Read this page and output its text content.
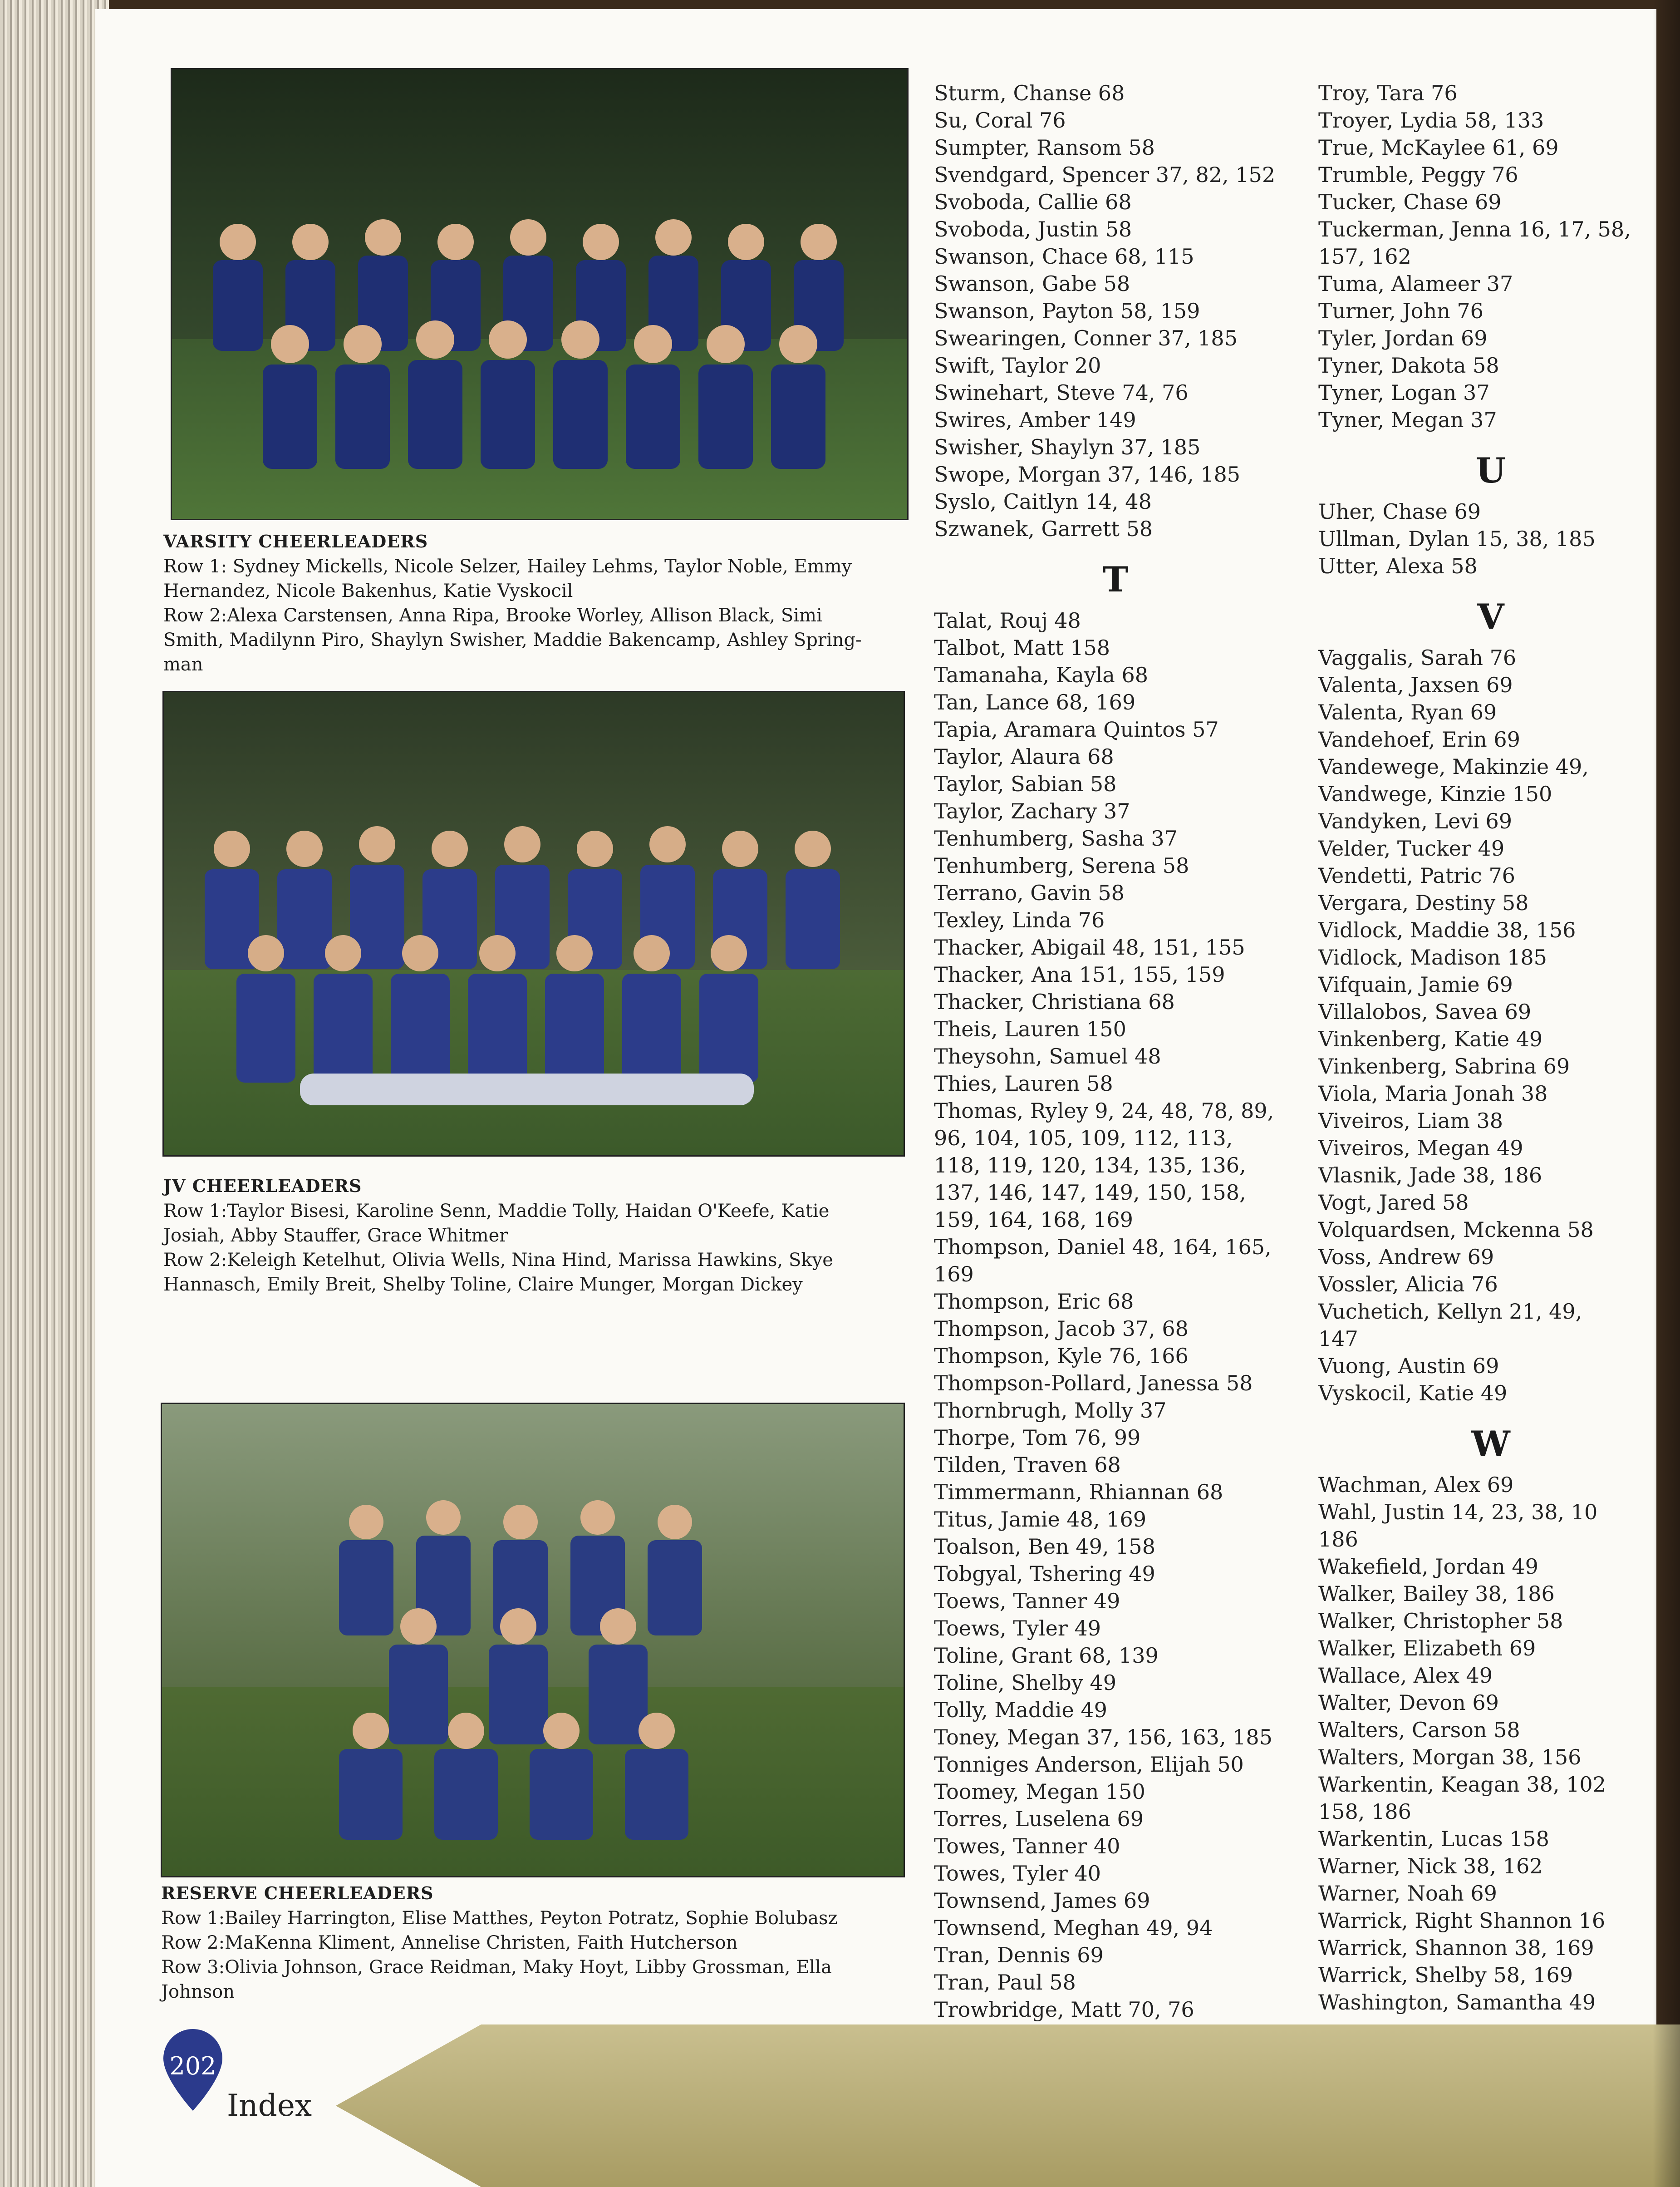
VARSITY CHEERLEADERS
Row 1: Sydney Mickells, Nicole Selzer, Hailey Lehms, Taylor Noble, Emmy
Hernandez, Nicole Bakenhus, Katie Vyskocil
Row 2:Alexa Carstensen, Anna Ripa, Brooke Worley, Allison Black, Simi
Smith, Madilynn Piro, Shaylyn Swisher, Maddie Bakencamp, Ashley Spring-
man
JV CHEERLEADERS
Row 1:Taylor Bisesi, Karoline Senn, Maddie Tolly, Haidan O'Keefe, Katie
Josiah, Abby Stauffer, Grace Whitmer
Row 2:Keleigh Ketelhut, Olivia Wells, Nina Hind, Marissa Hawkins, Skye
Hannasch, Emily Breit, Shelby Toline, Claire Munger, Morgan Dickey
RESERVE CHEERLEADERS
Row 1:Bailey Harrington, Elise Matthes, Peyton Potratz, Sophie Bolubasz
Row 2:MaKenna Kliment, Annelise Christen, Faith Hutcherson
Row 3:Olivia Johnson, Grace Reidman, Maky Hoyt, Libby Grossman, Ella
Johnson
Sturm, Chanse 68
Su, Coral 76
Sumpter, Ransom 58
Svendgard, Spencer 37, 82, 152
Svoboda, Callie 68
Svoboda, Justin 58
Swanson, Chace 68, 115
Swanson, Gabe 58
Swanson, Payton 58, 159
Swearingen, Conner 37, 185
Swift, Taylor 20
Swinehart, Steve 74, 76
Swires, Amber 149
Swisher, Shaylyn 37, 185
Swope, Morgan 37, 146, 185
Syslo, Caitlyn 14, 48
Szwanek, Garrett 58
T
Talat, Rouj 48
Talbot, Matt 158
Tamanaha, Kayla 68
Tan, Lance 68, 169
Tapia, Aramara Quintos 57
Taylor, Alaura 68
Taylor, Sabian 58
Taylor, Zachary 37
Tenhumberg, Sasha 37
Tenhumberg, Serena 58
Terrano, Gavin 58
Texley, Linda 76
Thacker, Abigail 48, 151, 155
Thacker, Ana 151, 155, 159
Thacker, Christiana 68
Theis, Lauren 150
Theysohn, Samuel 48
Thies, Lauren 58
Thomas, Ryley 9, 24, 48, 78, 89,
96, 104, 105, 109, 112, 113,
118, 119, 120, 134, 135, 136,
137, 146, 147, 149, 150, 158,
159, 164, 168, 169
Thompson, Daniel 48, 164, 165,
169
Thompson, Eric 68
Thompson, Jacob 37, 68
Thompson, Kyle 76, 166
Thompson-Pollard, Janessa 58
Thornbrugh, Molly 37
Thorpe, Tom 76, 99
Tilden, Traven 68
Timmermann, Rhiannan 68
Titus, Jamie 48, 169
Toalson, Ben 49, 158
Tobgyal, Tshering 49
Toews, Tanner 49
Toews, Tyler 49
Toline, Grant 68, 139
Toline, Shelby 49
Tolly, Maddie 49
Toney, Megan 37, 156, 163, 185
Tonniges Anderson, Elijah 50
Toomey, Megan 150
Torres, Luselena 69
Towes, Tanner 40
Towes, Tyler 40
Townsend, James 69
Townsend, Meghan 49, 94
Tran, Dennis 69
Tran, Paul 58
Trowbridge, Matt 70, 76
Troy, Tara 76
Troyer, Lydia 58, 133
True, McKaylee 61, 69
Trumble, Peggy 76
Tucker, Chase 69
Tuckerman, Jenna 16, 17, 58,
157, 162
Tuma, Alameer 37
Turner, John 76
Tyler, Jordan 69
Tyner, Dakota 58
Tyner, Logan 37
Tyner, Megan 37
U
Uher, Chase 69
Ullman, Dylan 15, 38, 185
Utter, Alexa 58
V
Vaggalis, Sarah 76
Valenta, Jaxsen 69
Valenta, Ryan 69
Vandehoef, Erin 69
Vandewege, Makinzie 49,
Vandwege, Kinzie 150
Vandyken, Levi 69
Velder, Tucker 49
Vendetti, Patric 76
Vergara, Destiny 58
Vidlock, Maddie 38, 156
Vidlock, Madison 185
Vifquain, Jamie 69
Villalobos, Savea 69
Vinkenberg, Katie 49
Vinkenberg, Sabrina 69
Viola, Maria Jonah 38
Viveiros, Liam 38
Viveiros, Megan 49
Vlasnik, Jade 38, 186
Vogt, Jared 58
Volquardsen, Mckenna 58
Voss, Andrew 69
Vossler, Alicia 76
Vuchetich, Kellyn 21, 49,
147
Vuong, Austin 69
Vyskocil, Katie 49
W
Wachman, Alex 69
Wahl, Justin 14, 23, 38, 10
186
Wakefield, Jordan 49
Walker, Bailey 38, 186
Walker, Christopher 58
Walker, Elizabeth 69
Wallace, Alex 49
Walter, Devon 69
Walters, Carson 58
Walters, Morgan 38, 156
Warkentin, Keagan 38, 102
158, 186
Warkentin, Lucas 158
Warner, Nick 38, 162
Warner, Noah 69
Warrick, Right Shannon 16
Warrick, Shannon 38, 169
Warrick, Shelby 58, 169
Washington, Samantha 49
202
Index
